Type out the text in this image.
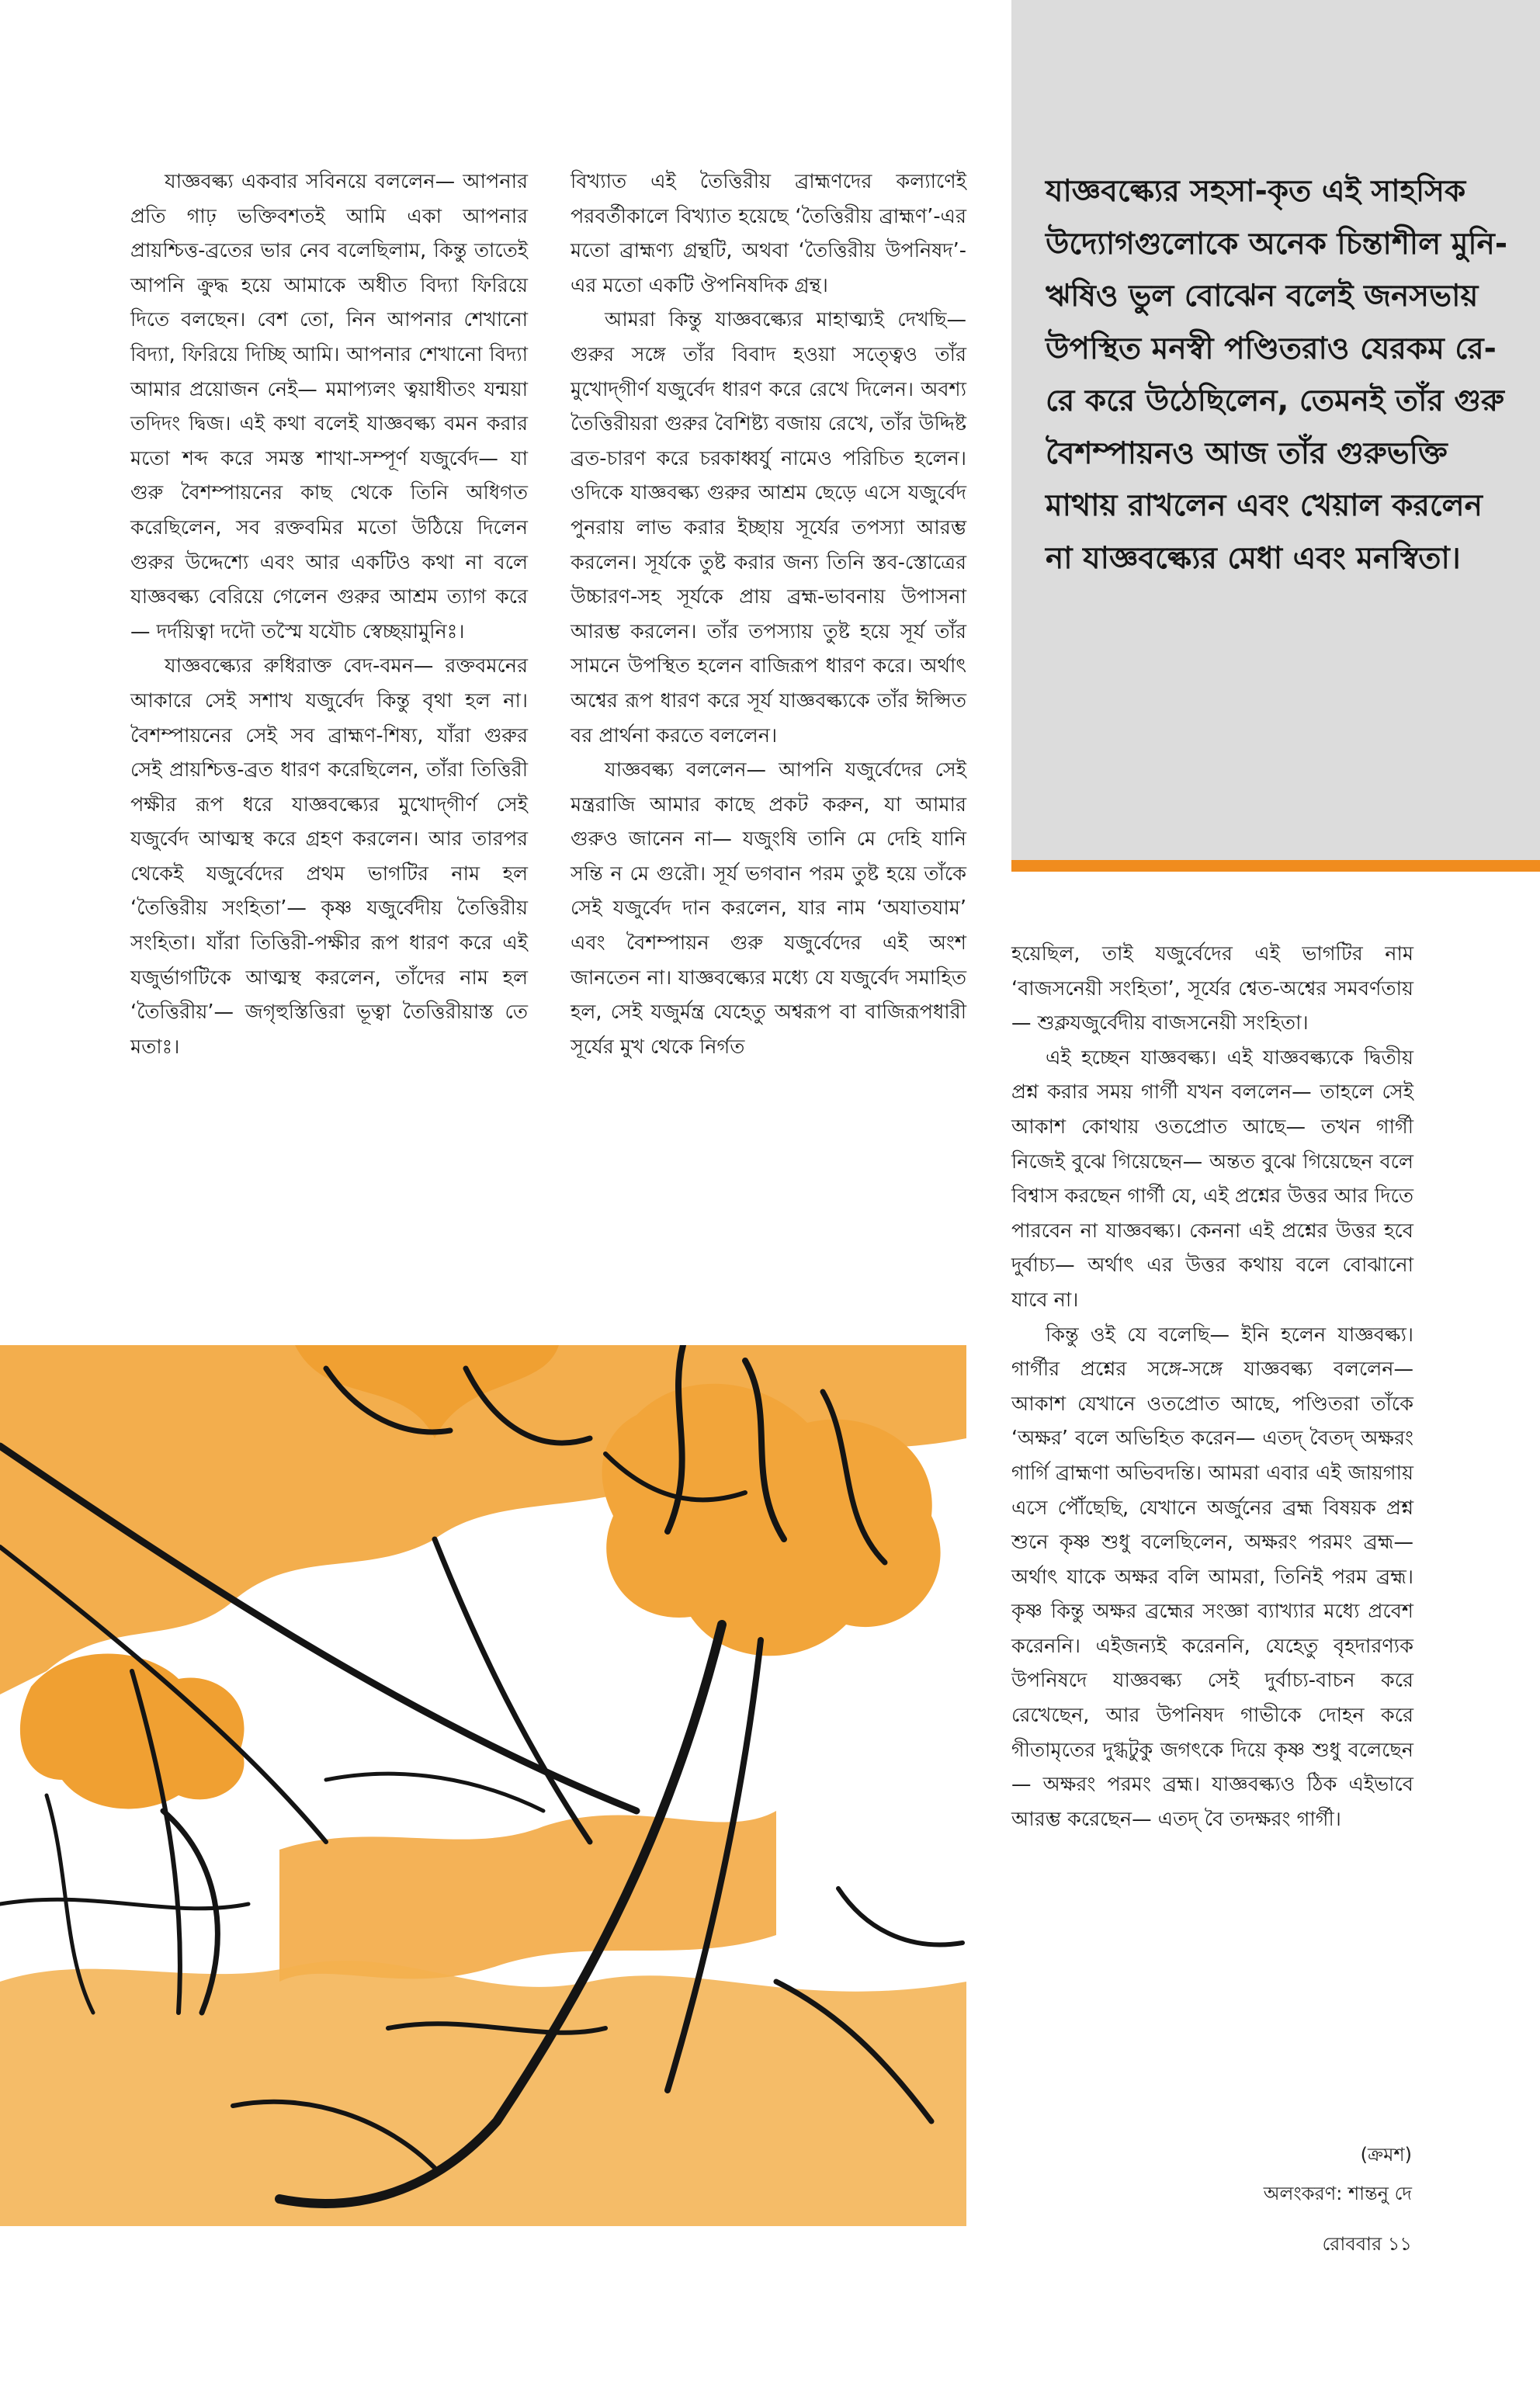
যাজ্ঞবল্ক্য একবার সবিনয়ে বললেন— আপনার প্রতি গাঢ় ভক্তিবশতই আমি একা আপনার প্রায়শ্চিত্ত-ব্রতের ভার নেব বলেছিলাম, কিন্তু তাতেই আপনি ক্রুদ্ধ হয়ে আমাকে অধীত বিদ্যা ফিরিয়ে দিতে বলছেন। বেশ তো, নিন আপনার শেখানো বিদ্যা, ফিরিয়ে দিচ্ছি আমি। আপনার শেখানো বিদ্যা আমার প্রয়োজন নেই— মমাপ্যলং ত্বয়াধীতং যন্ময়া তদিদং দ্বিজ। এই কথা বলেই যাজ্ঞবল্ক্য বমন করার মতো শব্দ করে সমস্ত শাখা-সম্পূর্ণ যজুর্বেদ— যা গুরু বৈশম্পায়নের কাছ থেকে তিনি অধিগত করেছিলেন, সব রক্তবমির মতো উঠিয়ে দিলেন গুরুর উদ্দেশ্যে এবং আর একটিও কথা না বলে যাজ্ঞবল্ক্য বেরিয়ে গেলেন গুরুর আশ্রম ত্যাগ করে— দর্দয়িত্বা দদৌ তস্মৈ যযৌচ স্বেচ্ছয়ামুনিঃ।

যাজ্ঞবল্ক্যের রুধিরাক্ত বেদ-বমন— রক্তবমনের আকারে সেই সশাখ যজুর্বেদ কিন্তু বৃথা হল না। বৈশম্পায়নের সেই সব ব্রাহ্মণ-শিষ্য, যাঁরা গুরুর সেই প্রায়শ্চিত্ত-ব্রত ধারণ করেছিলেন, তাঁরা তিত্তিরী পক্ষীর রূপ ধরে যাজ্ঞবল্ক্যের মুখোদ্‌গীর্ণ সেই যজুর্বেদ আত্মস্থ করে গ্রহণ করলেন। আর তারপর থেকেই যজুর্বেদের প্রথম ভাগটির নাম হল ‘তৈত্তিরীয় সংহিতা’— কৃষ্ণ যজুর্বেদীয় তৈত্তিরীয় সংহিতা। যাঁরা তিত্তিরী-পক্ষীর রূপ ধারণ করে এই যজুর্ভাগটিকে আত্মস্থ করলেন, তাঁদের নাম হল ‘তৈত্তিরীয়’— জগৃহুস্তিত্তিরা ভূত্বা তৈত্তিরীয়াস্ত তে মতাঃ।

বিখ্যাত এই তৈত্তিরীয় ব্রাহ্মণদের কল্যাণেই পরবর্তীকালে বিখ্যাত হয়েছে ‘তৈত্তিরীয় ব্রাহ্মণ’-এর মতো ব্রাহ্মণ্য গ্রন্থটি, অথবা ‘তৈত্তিরীয় উপনিষদ’-এর মতো একটি ঔপনিষদিক গ্রন্থ।

আমরা কিন্তু যাজ্ঞবল্ক্যের মাহাত্ম্যই দেখছি— গুরুর সঙ্গে তাঁর বিবাদ হওয়া সত্ত্বেও তাঁর মুখোদ্‌গীর্ণ যজুর্বেদ ধারণ করে রেখে দিলেন। অবশ্য তৈত্তিরীয়রা গুরুর বৈশিষ্ট্য বজায় রেখে, তাঁর উদ্দিষ্ট ব্রত-চারণ করে চরকাধ্বর্যু নামেও পরিচিত হলেন। ওদিকে যাজ্ঞবল্ক্য গুরুর আশ্রম ছেড়ে এসে যজুর্বেদ পুনরায় লাভ করার ইচ্ছায় সূর্যের তপস্যা আরম্ভ করলেন। সূর্যকে তুষ্ট করার জন্য তিনি স্তব-স্তোত্রের উচ্চারণ-সহ সূর্যকে প্রায় ব্রহ্ম-ভাবনায় উপাসনা আরম্ভ করলেন। তাঁর তপস্যায় তুষ্ট হয়ে সূর্য তাঁর সামনে উপস্থিত হলেন বাজিরূপ ধারণ করে। অর্থাৎ অশ্বের রূপ ধারণ করে সূর্য যাজ্ঞবল্ক্যকে তাঁর ঈপ্সিত বর প্রার্থনা করতে বললেন।

যাজ্ঞবল্ক্য বললেন— আপনি যজুর্বেদের সেই মন্ত্ররাজি আমার কাছে প্রকট করুন, যা আমার গুরুও জানেন না— যজুংষি তানি মে দেহি যানি সন্তি ন মে গুরৌ। সূর্য ভগবান পরম তুষ্ট হয়ে তাঁকে সেই যজুর্বেদ দান করলেন, যার নাম ‘অযাতযাম’ এবং বৈশম্পায়ন গুরু যজুর্বেদের এই অংশ জানতেন না। যাজ্ঞবল্ক্যের মধ্যে যে যজুর্বেদ সমাহিত হল, সেই যজুর্মন্ত্র যেহেতু অশ্বরূপ বা বাজিরূপধারী সূর্যের মুখ থেকে নির্গত

যাজ্ঞবল্ক্যের সহসা-কৃত এই সাহসিক উদ্যোগগুলোকে অনেক চিন্তাশীল মুনি-ঋষিও ভুল বোঝেন বলেই জনসভায় উপস্থিত মনস্বী পণ্ডিতরাও যেরকম রে-রে করে উঠেছিলেন, তেমনই তাঁর গুরু বৈশম্পায়নও আজ তাঁর গুরুভক্তি মাথায় রাখলেন এবং খেয়াল করলেন না যাজ্ঞবল্ক্যের মেধা এবং মনস্বিতা।

হয়েছিল, তাই যজুর্বেদের এই ভাগটির নাম ‘বাজসনেয়ী সংহিতা’, সূর্যের শ্বেত-অশ্বের সমবর্ণতায়— শুক্লযজুর্বেদীয় বাজসনেয়ী সংহিতা।

এই হচ্ছেন যাজ্ঞবল্ক্য। এই যাজ্ঞবল্ক্যকে দ্বিতীয় প্রশ্ন করার সময় গার্গী যখন বললেন— তাহলে সেই আকাশ কোথায় ওতপ্রোত আছে— তখন গার্গী নিজেই বুঝে গিয়েছেন— অন্তত বুঝে গিয়েছেন বলে বিশ্বাস করছেন গার্গী যে, এই প্রশ্নের উত্তর আর দিতে পারবেন না যাজ্ঞবল্ক্য। কেননা এই প্রশ্নের উত্তর হবে দুর্বাচ্য— অর্থাৎ এর উত্তর কথায় বলে বোঝানো যাবে না।

কিন্তু ওই যে বলেছি— ইনি হলেন যাজ্ঞবল্ক্য। গার্গীর প্রশ্নের সঙ্গে-সঙ্গে যাজ্ঞবল্ক্য বললেন— আকাশ যেখানে ওতপ্রোত আছে, পণ্ডিতরা তাঁকে ‘অক্ষর’ বলে অভিহিত করেন— এতদ্‌ বৈতদ্‌ অক্ষরং গার্গি ব্রাহ্মণা অভিবদন্তি। আমরা এবার এই জায়গায় এসে পৌঁছেছি, যেখানে অর্জুনের ব্রহ্ম বিষয়ক প্রশ্ন শুনে কৃষ্ণ শুধু বলেছিলেন, অক্ষরং পরমং ব্রহ্ম— অর্থাৎ যাকে অক্ষর বলি আমরা, তিনিই পরম ব্রহ্ম। কৃষ্ণ কিন্তু অক্ষর ব্রহ্মের সংজ্ঞা ব্যাখ্যার মধ্যে প্রবেশ করেননি। এইজন্যই করেননি, যেহেতু বৃহদারণ্যক উপনিষদে যাজ্ঞবল্ক্য সেই দুর্বাচ্য-বাচন করে রেখেছেন, আর উপনিষদ গাভীকে দোহন করে গীতামৃতের দুগ্ধটুকু জগৎকে দিয়ে কৃষ্ণ শুধু বলেছেন— অক্ষরং পরমং ব্রহ্ম। যাজ্ঞবল্ক্যও ঠিক এইভাবে আরম্ভ করেছেন— এতদ্‌ বৈ তদক্ষরং গার্গী।

(ক্রমশ)
অলংকরণ: শান্তনু দে
রোববার ১১
